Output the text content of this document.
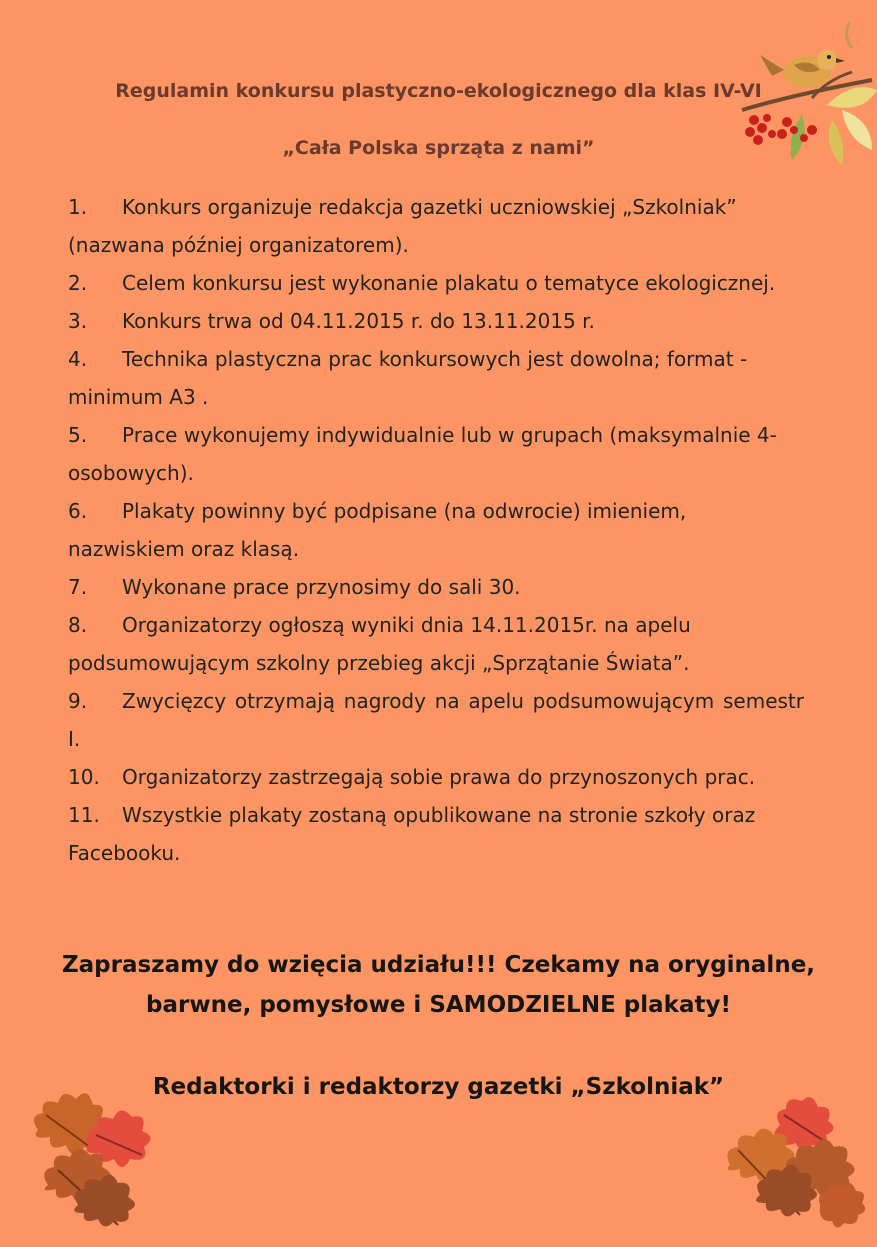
Regulamin konkursu plastyczno-ekologicznego dla klas IV-VI
„Cała Polska sprząta z nami”
1. Konkurs organizuje redakcja gazetki uczniowskiej „Szkolniak” (nazwana później organizatorem).
2. Celem konkursu jest wykonanie plakatu o tematyce ekologicznej.
3. Konkurs trwa od 04.11.2015 r. do 13.11.2015 r.
4. Technika plastyczna prac konkursowych jest dowolna; format - minimum A3 .
5. Prace wykonujemy indywidualnie lub w grupach (maksymalnie 4-osobowych).
6. Plakaty powinny być podpisane (na odwrocie) imieniem, nazwiskiem oraz klasą.
7. Wykonane prace przynosimy do sali 30.
8. Organizatorzy ogłoszą wyniki dnia 14.11.2015r. na apelu podsumowującym szkolny przebieg akcji „Sprzątanie Świata”.
9. Zwycięzcy otrzymają nagrody na apelu podsumowującym semestr I.
10. Organizatorzy zastrzegają sobie prawa do przynoszonych prac.
11. Wszystkie plakaty zostaną opublikowane na stronie szkoły oraz Facebooku.
Zapraszamy do wzięcia udziału!!! Czekamy na oryginalne,
barwne, pomysłowe i SAMODZIELNE plakaty!
Redaktorki i redaktorzy gazetki „Szkolniak”
